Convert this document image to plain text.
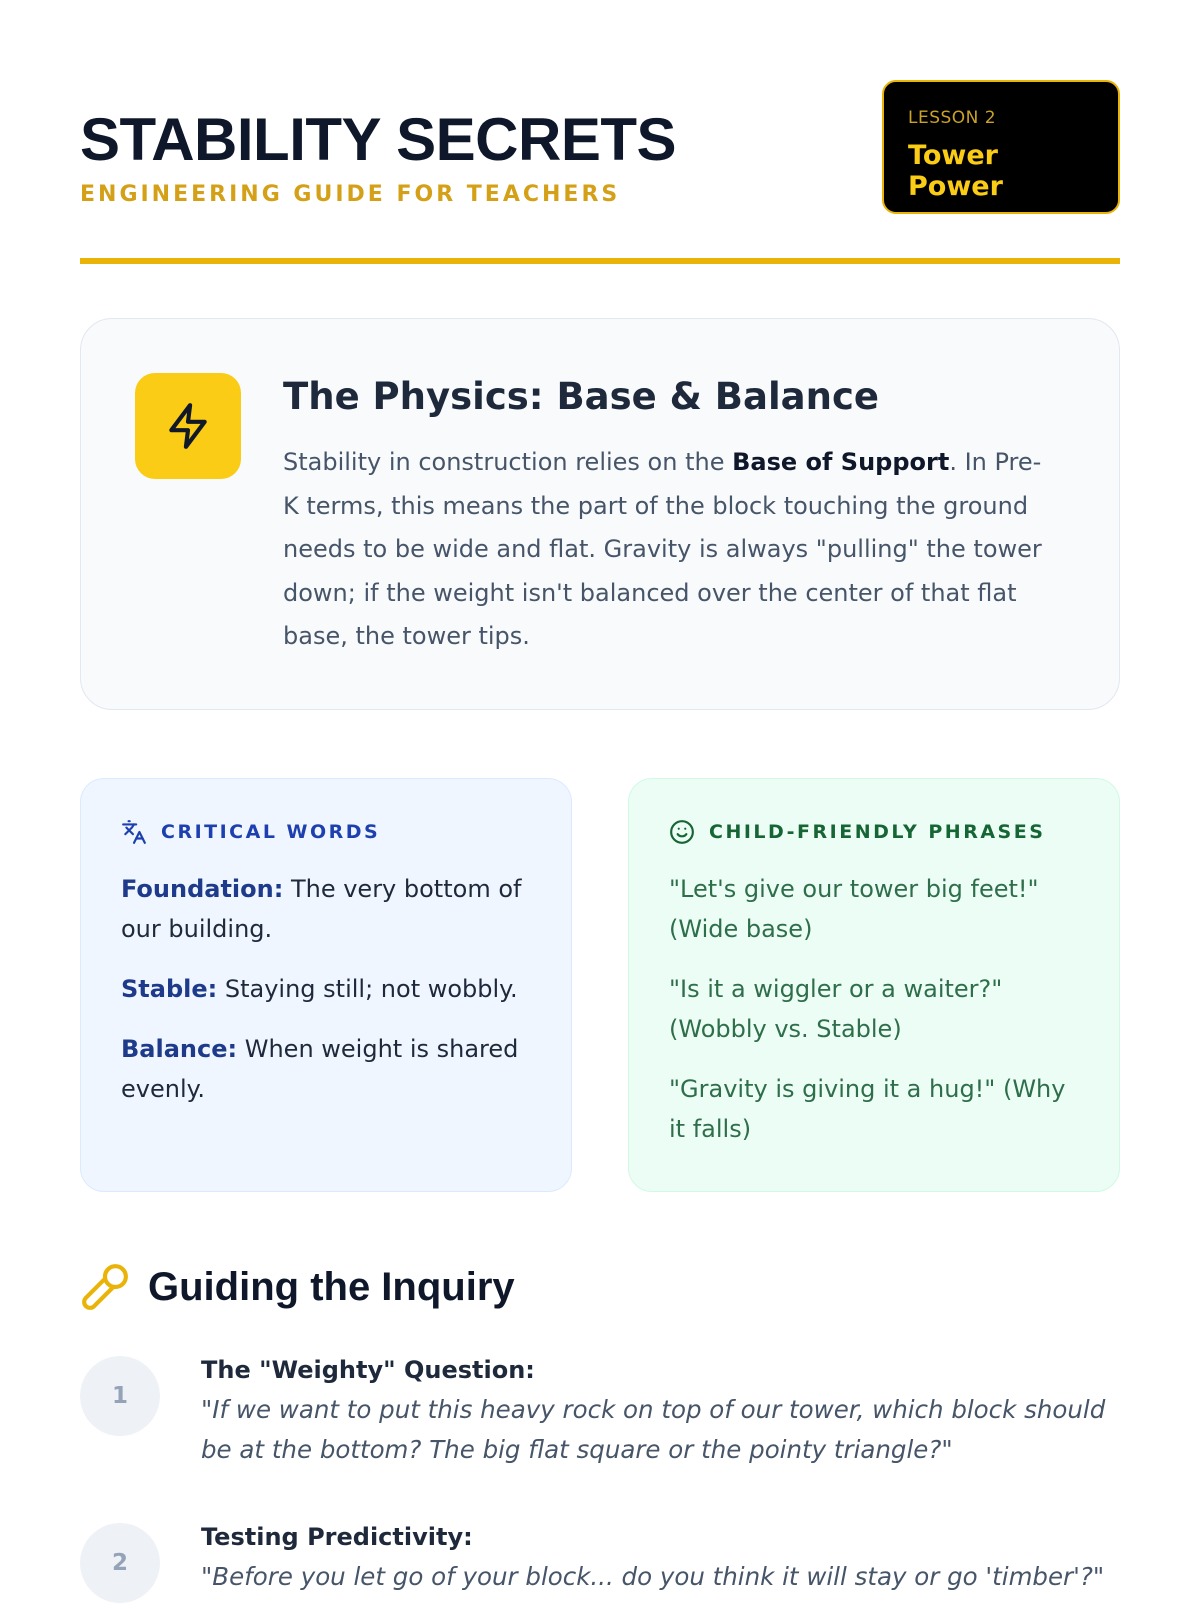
STABILITY SECRETS
ENGINEERING GUIDE FOR TEACHERS
LESSON 2
Tower Power
The Physics: Base & Balance

Stability in construction relies on the Base of Support. In Pre-K terms, this means the part of the block touching the ground needs to be wide and flat. Gravity is always "pulling" the tower down; if the weight isn't balanced over the center of that flat base, the tower tips.

CRITICAL WORDS

Foundation: The very bottom of our building.

Stable: Staying still; not wobbly.

Balance: When weight is shared evenly.

CHILD-FRIENDLY PHRASES

"Let's give our tower big feet!" (Wide base)

"Is it a wiggler or a waiter?" (Wobbly vs. Stable)

"Gravity is giving it a hug!" (Why it falls)

Guiding the Inquiry
1

The "Weighty" Question:

"If we want to put this heavy rock on top of our tower, which block should be at the bottom? The big flat square or the pointy triangle?"

2

Testing Predictivity:

"Before you let go of your block... do you think it will stay or go 'timber'?"
